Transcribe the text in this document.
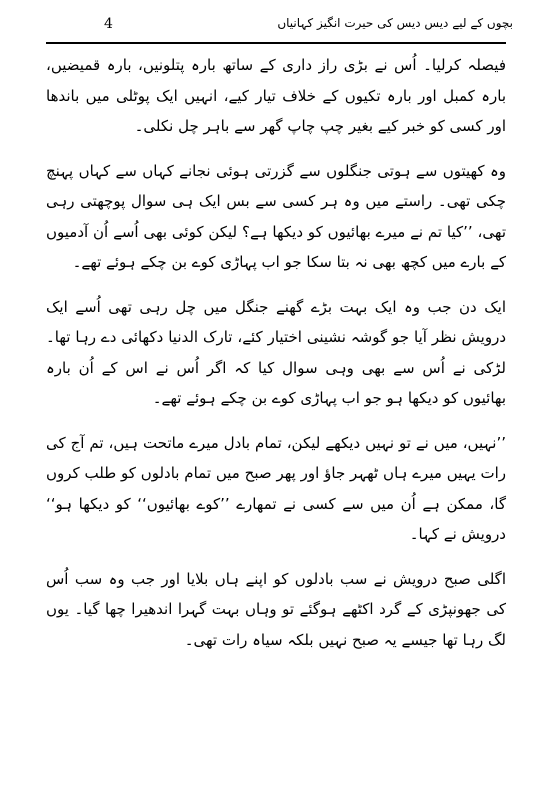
4	بچوں کے لیے دیس دیس کی حیرت انگیز کہانیاں

فیصلہ کرلیا۔ اُس نے بڑی راز داری کے ساتھ بارہ پتلونیں، بارہ قمیضیں، بارہ کمبل اور بارہ تکیوں کے خلاف تیار کیے، انہیں ایک پوٹلی میں باندھا اور کسی کو خبر کیے بغیر چپ چاپ گھر سے باہر چل نکلی۔

وہ کھیتوں سے ہوتی جنگلوں سے گزرتی ہوئی نجانے کہاں سے کہاں پہنچ چکی تھی۔ راستے میں وہ ہر کسی سے بس ایک ہی سوال پوچھتی رہی تھی، ’’کیا تم نے میرے بھائیوں کو دیکھا ہے؟ لیکن کوئی بھی اُسے اُن آدمیوں کے بارے میں کچھ بھی نہ بتا سکا جو اب پہاڑی کوے بن چکے ہوئے تھے۔

ایک دن جب وہ ایک بہت بڑے گھنے جنگل میں چل رہی تھی اُسے ایک درویش نظر آیا جو گوشہ نشینی اختیار کئے، تارک الدنیا دکھائی دے رہا تھا۔ لڑکی نے اُس سے بھی وہی سوال کیا کہ اگر اُس نے اس کے اُن بارہ بھائیوں کو دیکھا ہو جو اب پہاڑی کوے بن چکے ہوئے تھے۔

’’نہیں، میں نے تو نہیں دیکھے لیکن، تمام بادل میرے ماتحت ہیں، تم آج کی رات یہیں میرے ہاں ٹھہر جاؤ اور پھر صبح میں تمام بادلوں کو طلب کروں گا، ممکن ہے اُن میں سے کسی نے تمھارے ’’کوے بھائیوں‘‘ کو دیکھا ہو‘‘ درویش نے کہا۔

اگلی صبح درویش نے سب بادلوں کو اپنے ہاں بلایا اور جب وہ سب اُس کی جھونپڑی کے گرد اکٹھے ہوگئے تو وہاں بہت گہرا اندھیرا چھا گیا۔ یوں لگ رہا تھا جیسے یہ صبح نہیں بلکہ سیاہ رات تھی۔
